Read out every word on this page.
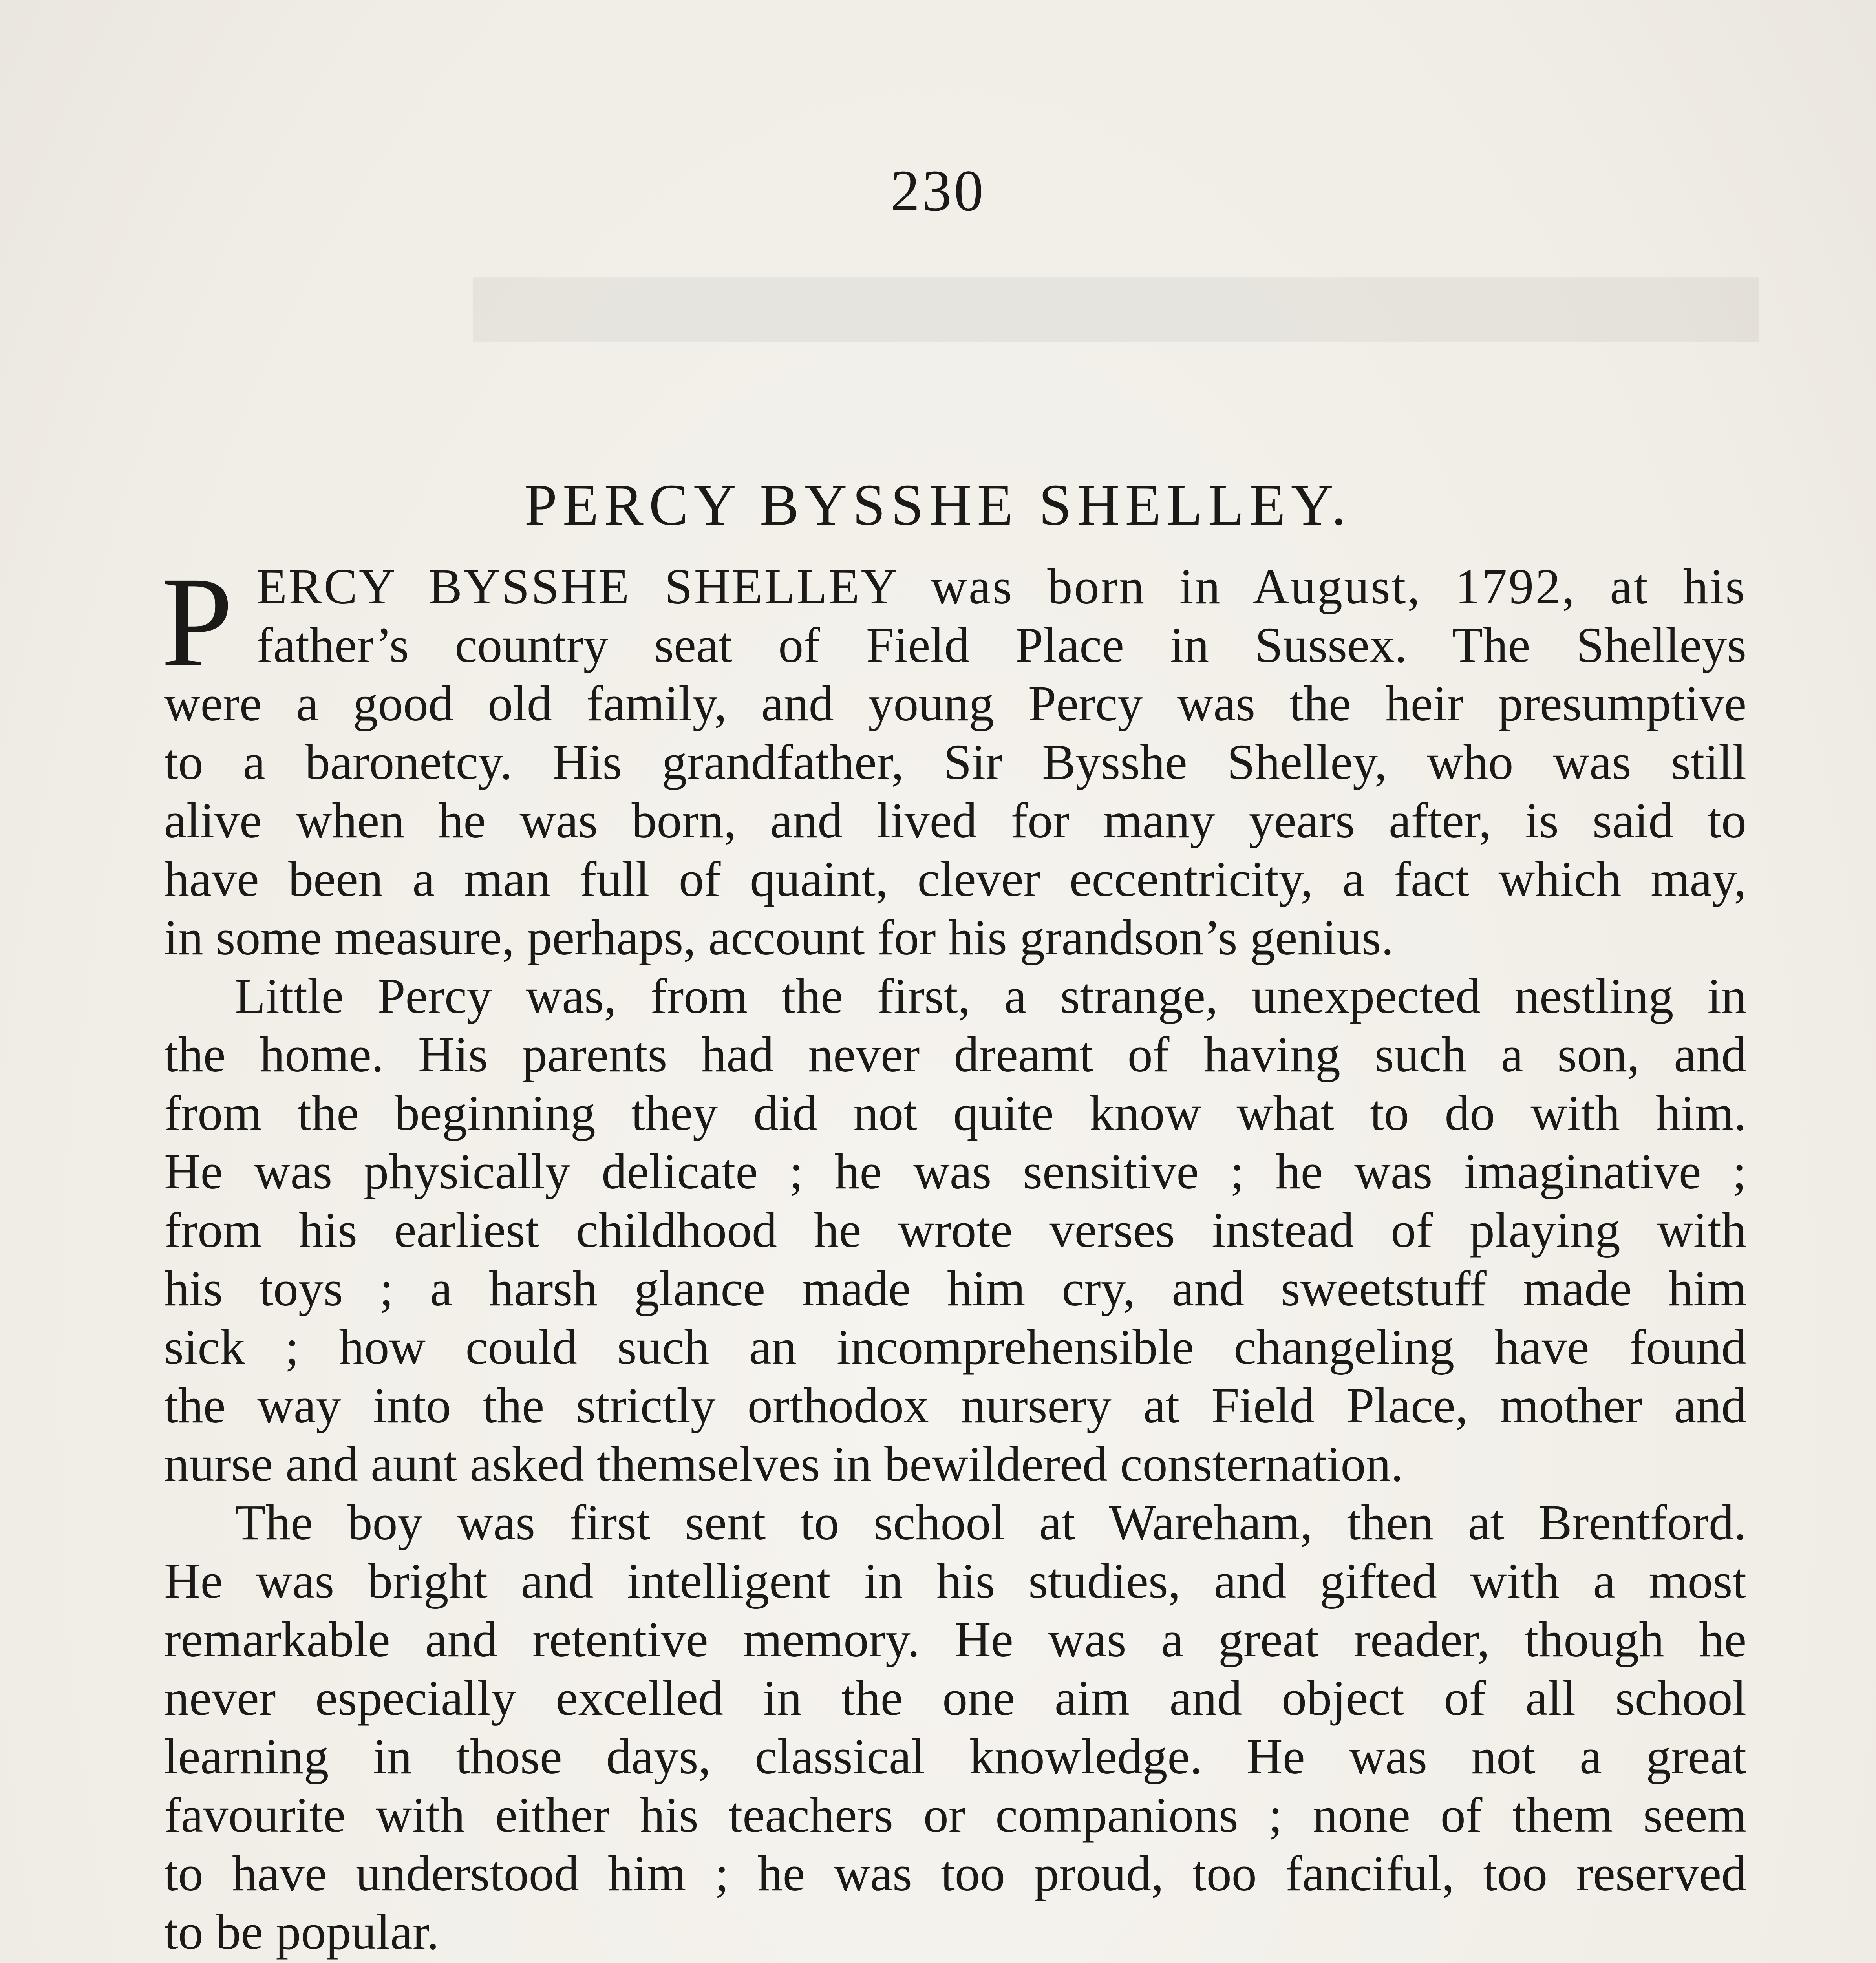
██████████████████████████████████

230
PERCY BYSSHE SHELLEY.
P ERCY BYSSHE SHELLEY was born in August, 1792, at his
father’s country seat of Field Place in Sussex. The Shelleys
were a good old family, and young Percy was the heir presumptive
to a baronetcy. His grandfather, Sir Bysshe Shelley, who was still
alive when he was born, and lived for many years after, is said to
have been a man full of quaint, clever eccentricity, a fact which may,
in some measure, perhaps, account for his grandson’s genius.
Little Percy was, from the first, a strange, unexpected nestling in
the home. His parents had never dreamt of having such a son, and
from the beginning they did not quite know what to do with him.
He was physically delicate ; he was sensitive ; he was imaginative ;
from his earliest childhood he wrote verses instead of playing with
his toys ; a harsh glance made him cry, and sweetstuff made him
sick ; how could such an incomprehensible changeling have found
the way into the strictly orthodox nursery at Field Place, mother and
nurse and aunt asked themselves in bewildered consternation.
The boy was first sent to school at Wareham, then at Brentford.
He was bright and intelligent in his studies, and gifted with a most
remarkable and retentive memory. He was a great reader, though he
never especially excelled in the one aim and object of all school
learning in those days, classical knowledge. He was not a great
favourite with either his teachers or companions ; none of them seem
to have understood him ; he was too proud, too fanciful, too reserved
to be popular.
